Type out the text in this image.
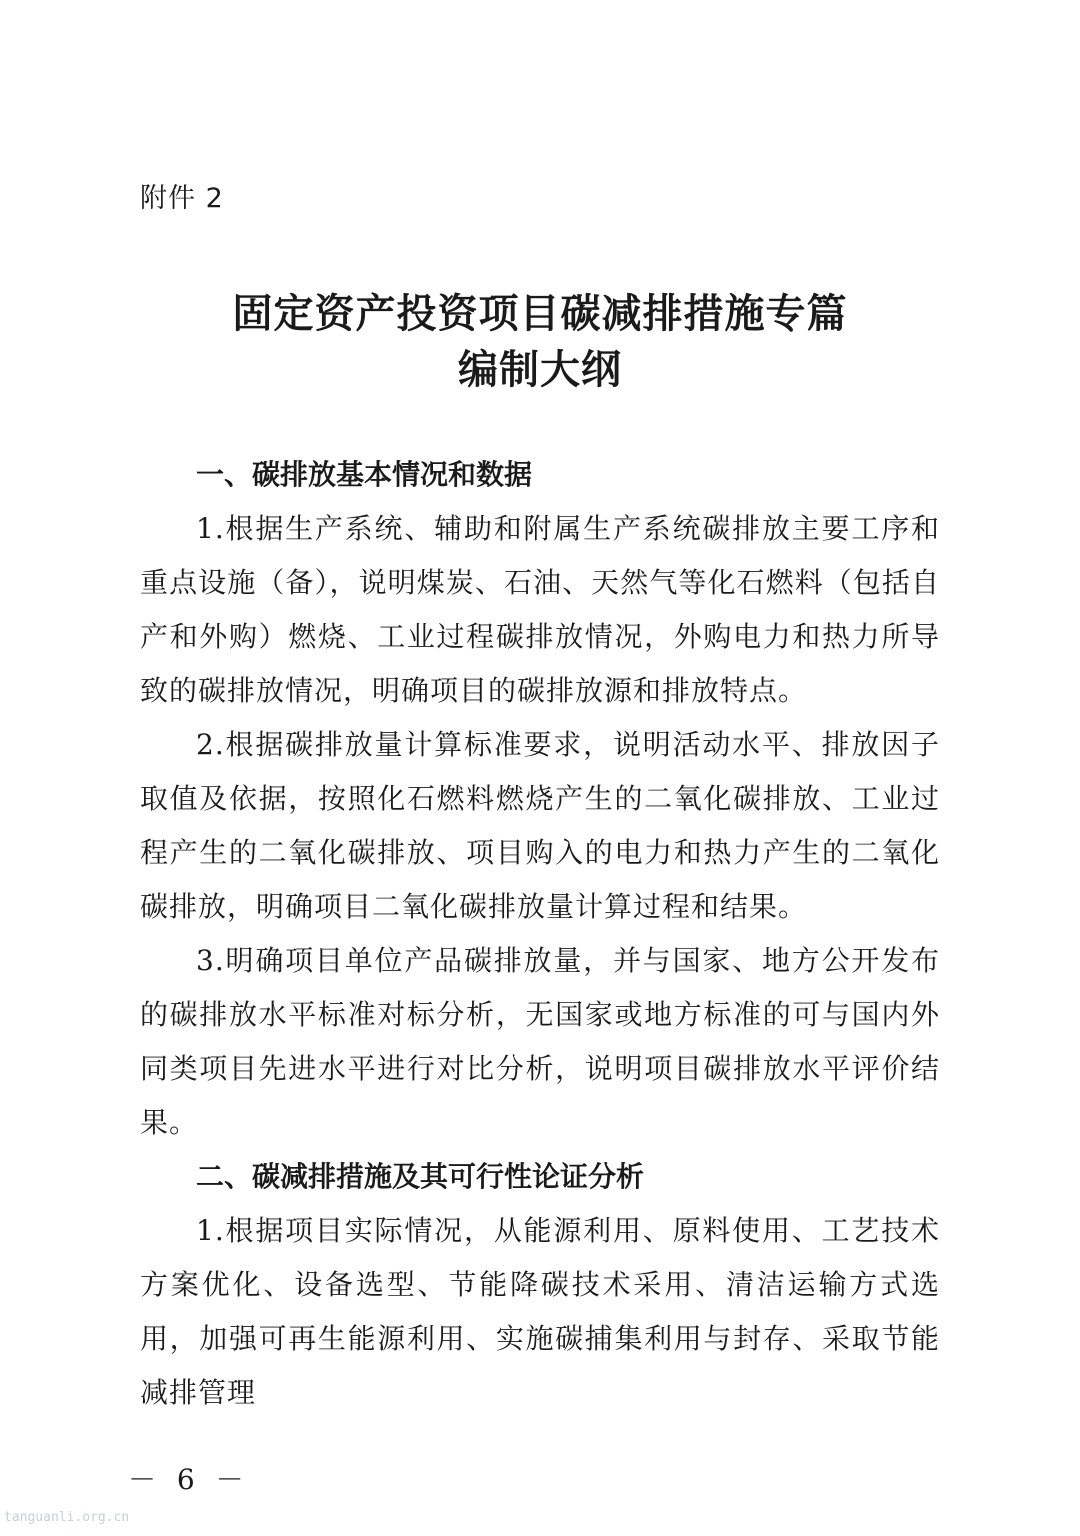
附件 2
固定资产投资项目碳减排措施专篇
编制大纲

一、碳排放基本情况和数据

1.根据生产系统、辅助和附属生产系统碳排放主要工序和重点设施（备），说明煤炭、石油、天然气等化石燃料（包括自产和外购）燃烧、工业过程碳排放情况，外购电力和热力所导致的碳排放情况，明确项目的碳排放源和排放特点。

2.根据碳排放量计算标准要求，说明活动水平、排放因子取值及依据，按照化石燃料燃烧产生的二氧化碳排放、工业过程产生的二氧化碳排放、项目购入的电力和热力产生的二氧化碳排放，明确项目二氧化碳排放量计算过程和结果。

3.明确项目单位产品碳排放量，并与国家、地方公开发布的碳排放水平标准对标分析，无国家或地方标准的可与国内外同类项目先进水平进行对比分析，说明项目碳排放水平评价结果。

二、碳减排措施及其可行性论证分析

1.根据项目实际情况，从能源利用、原料使用、工艺技术方案优化、设备选型、节能降碳技术采用、清洁运输方式选用，加强可再生能源利用、实施碳捕集利用与封存、采取节能减排管理

－ 6 －
tanguanli.org.cn
